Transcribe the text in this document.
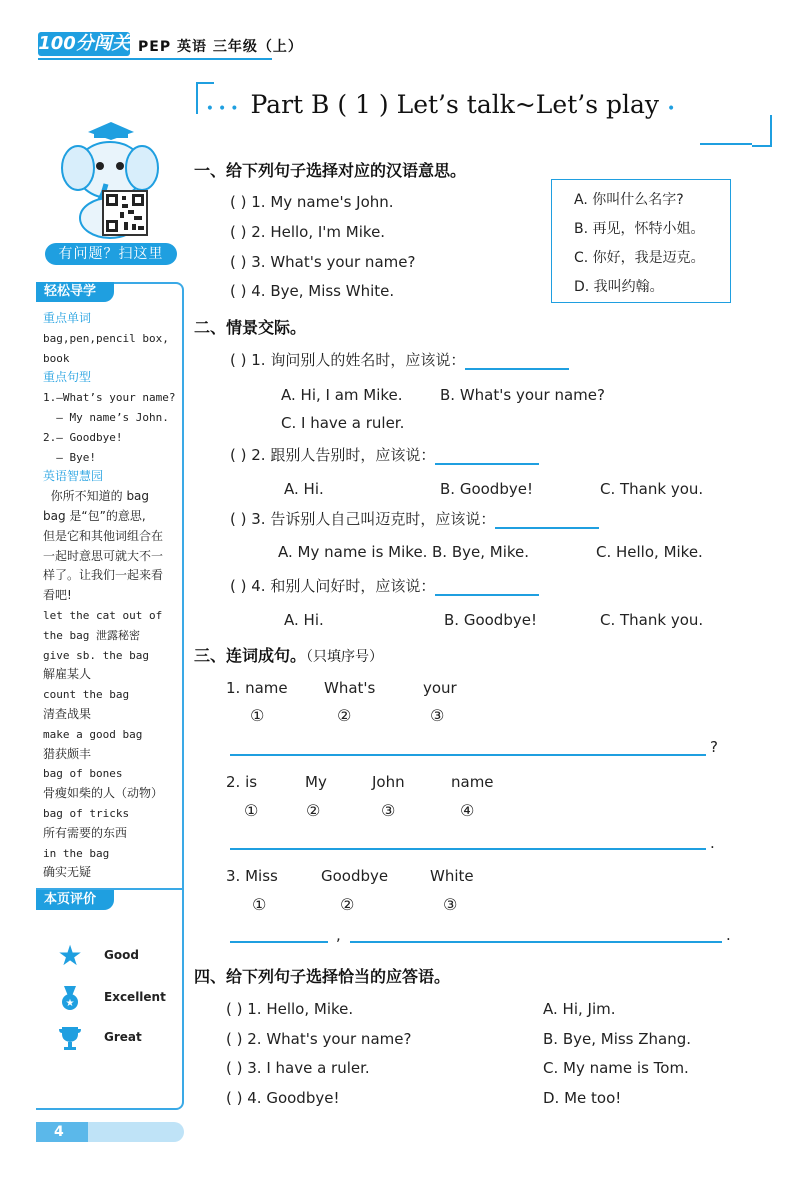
100分闯关 PEP 英语 三年级（上）
••• Part B ( 1 ) Let’s talk~Let’s play •
有问题？扫这里
轻松导学
重点单词
bag,pen,pencil box,
book
重点句型
1.—What’s your name?
— My name’s John.
2.— Goodbye!
— Bye!
英语智慧园
你所不知道的 bag
bag 是“包”的意思,
但是它和其他词组合在
一起时意思可就大不一
样了。让我们一起来看
看吧!
let the cat out of
the bag 泄露秘密
give sb. the bag
解雇某人
count the bag
清查战果
make a good bag
猎获颇丰
bag of bones
骨瘦如柴的人（动物）
bag of tricks
所有需要的东西
in the bag
确实无疑
本页评价
★ Good
★ Excellent
Great
4
一、给下列句子选择对应的汉语意思。
( ) 1. My name's John.
( ) 2. Hello, I'm Mike.
( ) 3. What's your name?
( ) 4. Bye, Miss White.
A. 你叫什么名字?
B. 再见，怀特小姐。
C. 你好，我是迈克。
D. 我叫约翰。
二、情景交际。
( ) 1. 询问别人的姓名时，应该说：
A. Hi, I am Mike. B. What's your name?
C. I have a ruler.
( ) 2. 跟别人告别时，应该说：
A. Hi.	B. Goodbye!	C. Thank you.
( ) 3. 告诉别人自己叫迈克时，应该说：
A. My name is Mike. B. Bye, Mike.	C. Hello, Mike.
( ) 4. 和别人问好时，应该说：
A. Hi.	B. Goodbye!	C. Thank you.
三、连词成句。（只填序号）
1. name What's	your
①	②	③
?
2. is	My	John	name
①	②	③	④
.
3. Miss	Goodbye	White
①	②	③
,	.
四、给下列句子选择恰当的应答语。
( ) 1. Hello, Mike.
( ) 2. What's your name?
( ) 3. I have a ruler.
( ) 4. Goodbye!
A. Hi, Jim.
B. Bye, Miss Zhang.
C. My name is Tom.
D. Me too!
